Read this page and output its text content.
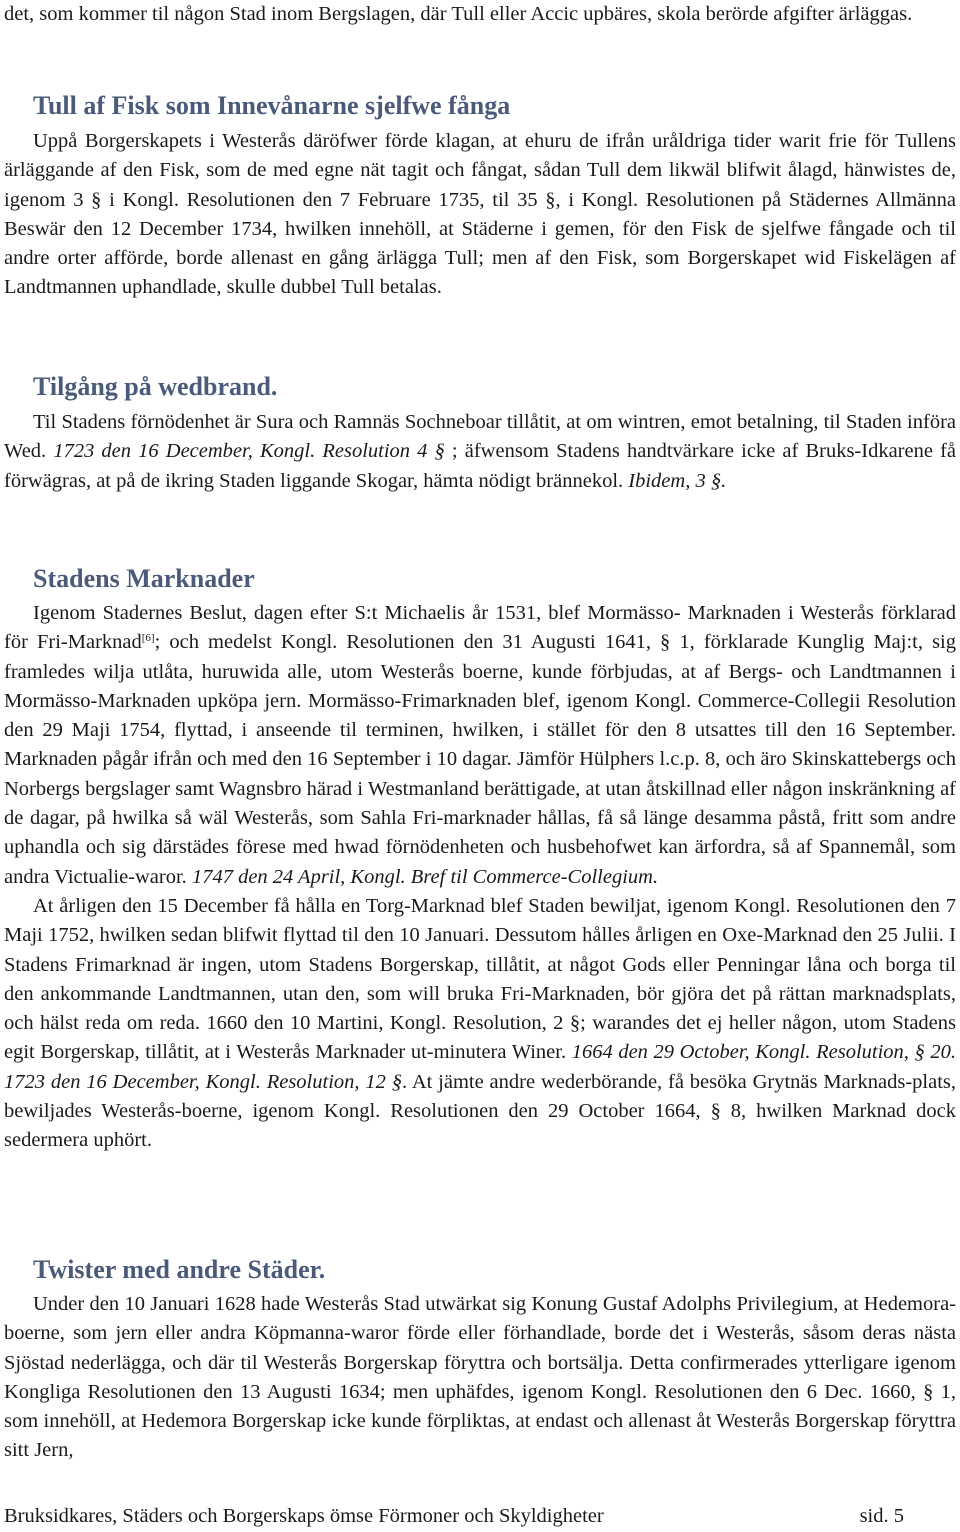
det, som kommer til någon Stad inom Bergslagen, där Tull eller Accic upbäres, skola berörde afgifter ärläggas.

Tull af Fisk som Innevånarne sjelfwe fånga

Uppå Borgerskapets i Westerås däröfwer förde klagan, at ehuru de ifrån uråldriga tider warit frie för Tullens ärläggande af den Fisk, som de med egne nät tagit och fångat, sådan Tull dem likwäl blifwit ålagd, hänwistes de, igenom 3 § i Kongl. Resolutionen den 7 Februare 1735, til 35 §, i Kongl. Resolutionen på Städernes Allmänna Beswär den 12 December 1734, hwilken innehöll, at Städerne i gemen, för den Fisk de sjelfwe fångade och til andre orter afförde, borde allenast en gång ärlägga Tull; men af den Fisk, som Borgerskapet wid Fiskelägen af Landtmannen uphandlade, skulle dubbel Tull betalas.

Tilgång på wedbrand.

Til Stadens förnödenhet är Sura och Ramnäs Sochneboar tillåtit, at om wintren, emot betalning, til Staden införa Wed. 1723 den 16 December, Kongl. Resolution 4 § ; äfwensom Stadens handtvärkare icke af Bruks-Idkarene få förwägras, at på de ikring Staden liggande Skogar, hämta nödigt brännekol. Ibidem, 3 §.

Stadens Marknader

Igenom Stadernes Beslut, dagen efter S:t Michaelis år 1531, blef Mormässo- Marknaden i Westerås förklarad för Fri-Marknad[6]; och medelst Kongl. Resolutionen den 31 Augusti 1641, § 1, förklarade Kunglig Maj:t, sig framledes wilja utlåta, huruwida alle, utom Westerås boerne, kunde förbjudas, at af Bergs- och Landtmannen i Mormässo-Marknaden upköpa jern. Mormässo-Frimarknaden blef, igenom Kongl. Commerce-Collegii Resolution den 29 Maji 1754, flyttad, i anseende til terminen, hwilken, i stället för den 8 utsattes till den 16 September. Marknaden pågår ifrån och med den 16 September i 10 dagar. Jämför Hülphers l.c.p. 8, och äro Skinskattebergs och Norbergs bergslager samt Wagnsbro härad i Westmanland berättigade, at utan åtskillnad eller någon inskränkning af de dagar, på hwilka så wäl Westerås, som Sahla Fri-marknader hållas, få så länge desamma påstå, fritt som andre uphandla och sig därstädes förese med hwad förnödenheten och husbehofwet kan ärfordra, så af Spannemål, som andra Victualie-waror. 1747 den 24 April, Kongl. Bref til Commerce-Collegium.

At årligen den 15 December få hålla en Torg-Marknad blef Staden bewiljat, igenom Kongl. Resolutionen den 7 Maji 1752, hwilken sedan blifwit flyttad til den 10 Januari. Dessutom hålles årligen en Oxe-Marknad den 25 Julii. I Stadens Frimarknad är ingen, utom Stadens Borgerskap, tillåtit, at något Gods eller Penningar låna och borga til den ankommande Landtmannen, utan den, som will bruka Fri-Marknaden, bör gjöra det på rättan marknadsplats, och hälst reda om reda. 1660 den 10 Martini, Kongl. Resolution, 2 §; warandes det ej heller någon, utom Stadens egit Borgerskap, tillåtit, at i Westerås Marknader ut-minutera Winer. 1664 den 29 October, Kongl. Resolution, § 20. 1723 den 16 December, Kongl. Resolution, 12 §. At jämte andre wederbörande, få besöka Grytnäs Marknads-plats, bewiljades Westerås-boerne, igenom Kongl. Resolutionen den 29 October 1664, § 8, hwilken Marknad dock sedermera uphört.

Twister med andre Städer.

Under den 10 Januari 1628 hade Westerås Stad utwärkat sig Konung Gustaf Adolphs Privilegium, at Hedemora-boerne, som jern eller andra Köpmanna-waror förde eller förhandlade, borde det i Westerås, såsom deras nästa Sjöstad nederlägga, och där til Westerås Borgerskap föryttra och bortsälja. Detta confirmerades ytterligare igenom Kongliga Resolutionen den 13 Augusti 1634; men uphäfdes, igenom Kongl. Resolutionen den 6 Dec. 1660, § 1, som innehöll, at Hedemora Borgerskap icke kunde förpliktas, at endast och allenast åt Westerås Borgerskap föryttra sitt Jern,

Bruksidkares, Städers och Borgerskaps ömse Förmoner och Skyldigheter	sid. 5
